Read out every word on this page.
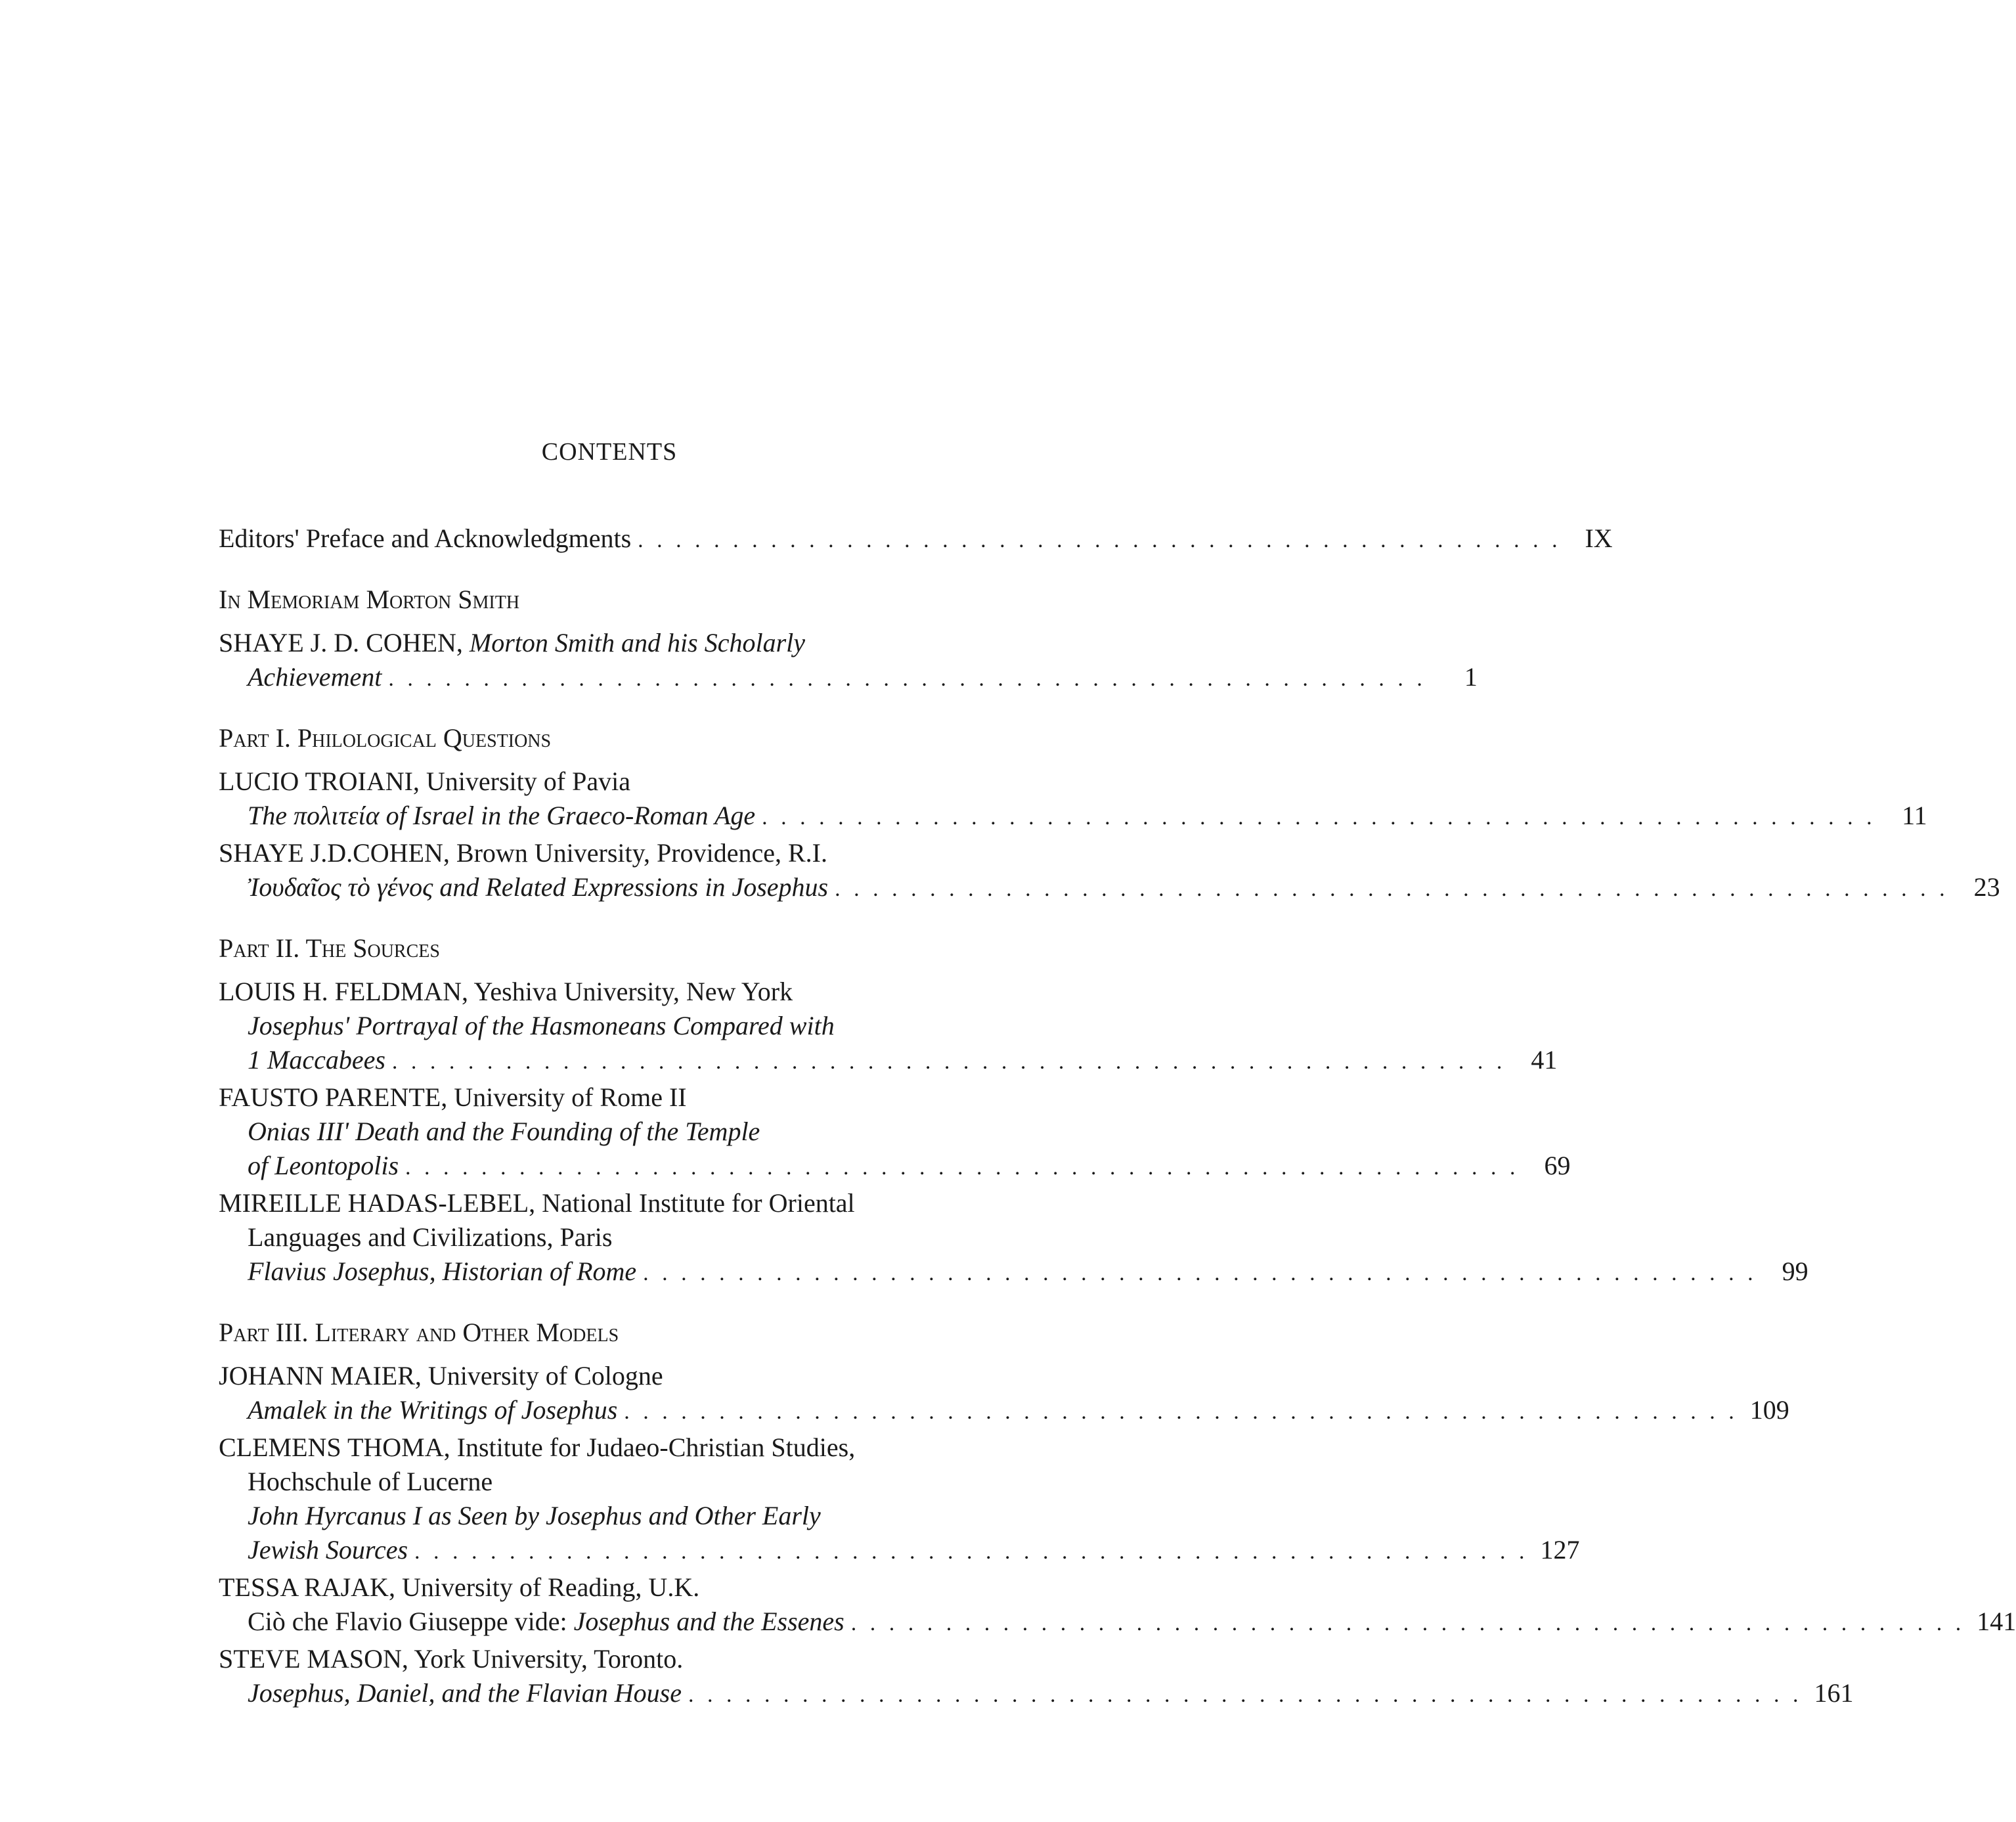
CONTENTS
Editors' Preface and Acknowledgments . . . . . . . . . . . . . . . . . . . . . . . . . . . . . . . . . . . . . . . . . . . . . . . . . IX
In Memoriam Morton Smith
SHAYE J. D. COHEN, Morton Smith and his Scholarly
Achievement . . . . . . . . . . . . . . . . . . . . . . . . . . . . . . . . . . . . . . . . . . . . . . . . . . . . . . .	1
Part I. Philological Questions
LUCIO TROIANI, University of Pavia
The πολιτεία of Israel in the Graeco-Roman Age . . . . . . . . . . . . . . . . . . . . . . . . . . . . . . . . . . . . . . . . . . . . . . . . . . . . . . . . . . . 11
SHAYE J.D.COHEN, Brown University, Providence, R.I.
Ἰουδαῖος τὸ γένος and Related Expressions in Josephus . . . . . . . . . . . . . . . . . . . . . . . . . . . . . . . . . . . . . . . . . . . . . . . . . . . . . . . . . . . 23
Part II. The Sources
LOUIS H. FELDMAN, Yeshiva University, New York
Josephus' Portrayal of the Hasmoneans Compared with
1 Maccabees . . . . . . . . . . . . . . . . . . . . . . . . . . . . . . . . . . . . . . . . . . . . . . . . . . . . . . . . . . . 41
FAUSTO PARENTE, University of Rome II
Onias III' Death and the Founding of the Temple
of Leontopolis . . . . . . . . . . . . . . . . . . . . . . . . . . . . . . . . . . . . . . . . . . . . . . . . . . . . . . . . . . . 69
MIREILLE HADAS-LEBEL, National Institute for Oriental
Languages and Civilizations, Paris
Flavius Josephus, Historian of Rome . . . . . . . . . . . . . . . . . . . . . . . . . . . . . . . . . . . . . . . . . . . . . . . . . . . . . . . . . . . 99
Part III. Literary and Other Models
JOHANN MAIER, University of Cologne
Amalek in the Writings of Josephus . . . . . . . . . . . . . . . . . . . . . . . . . . . . . . . . . . . . . . . . . . . . . . . . . . . . . . . . . . . 109
CLEMENS THOMA, Institute for Judaeo-Christian Studies,
Hochschule of Lucerne
John Hyrcanus I as Seen by Josephus and Other Early
Jewish Sources . . . . . . . . . . . . . . . . . . . . . . . . . . . . . . . . . . . . . . . . . . . . . . . . . . . . . . . . . . . 127
TESSA RAJAK, University of Reading, U.K.
Ciò che Flavio Giuseppe vide: Josephus and the Essenes . . . . . . . . . . . . . . . . . . . . . . . . . . . . . . . . . . . . . . . . . . . . . . . . . . . . . . . . . . . 141
STEVE MASON, York University, Toronto.
Josephus, Daniel, and the Flavian House . . . . . . . . . . . . . . . . . . . . . . . . . . . . . . . . . . . . . . . . . . . . . . . . . . . . . . . . . . . 161
